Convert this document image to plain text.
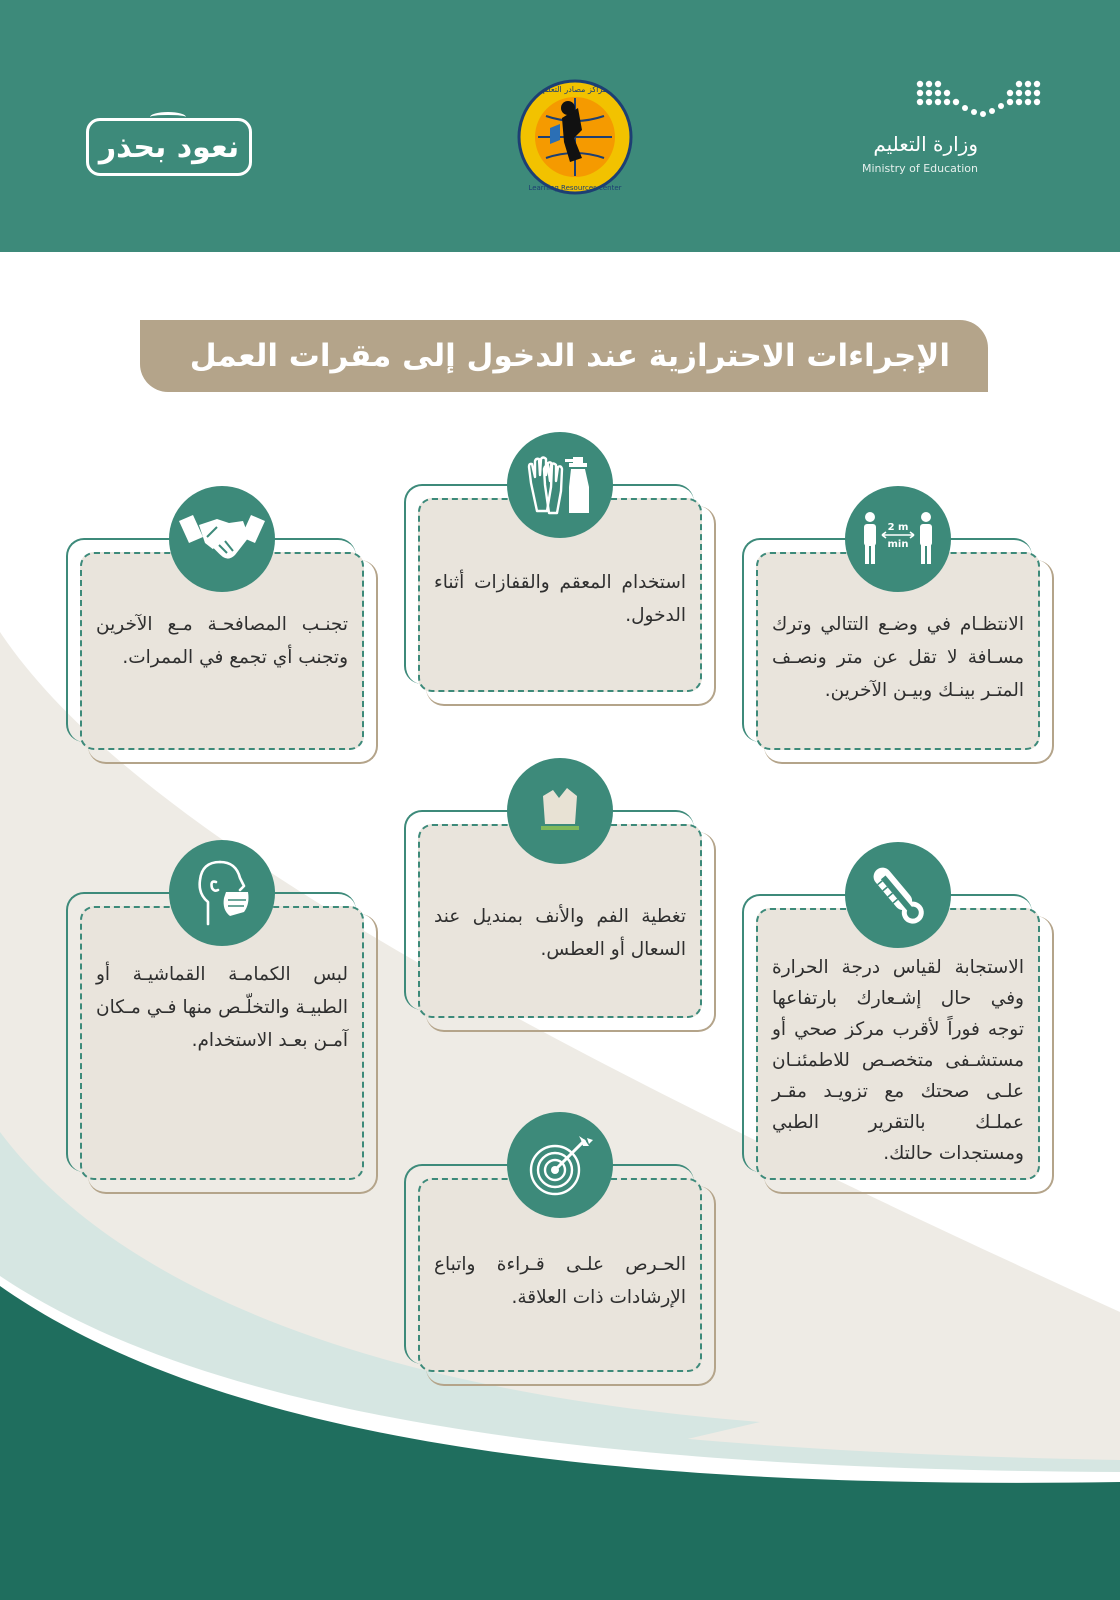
نعود بحذر
مراكز مصادر التعلم
Learning Resources center
وزارة التعليم
Ministry of Education
الإجراءات الاحترازية عند الدخول إلى مقرات العمل
2 m
min
الانتظـام في وضـع التتالي وترك مسـافة لا تقل عن متر ونصـف المتـر بينـك وبيـن الآخرين.
استخدام المعقم والقفازات أثناء الدخول.
تجنـب المصافحـة مـع الآخرين وتجنب أي تجمع في الممرات.
الاستجابة لقياس درجة الحرارة وفي حال إشـعارك بارتفاعها توجه فوراً لأقرب مركز صحي أو مستشـفى متخصـص للاطمئنـان علـى صحتك مع تزويـد مقـر عملـك بالتقرير الطبي ومستجدات حالتك.
تغطية الفم والأنف بمنديل عند السعال أو العطس.
لبس الكمامـة القماشيـة أو الطبيـة والتخلّـص منها فـي مـكان آمـن بعـد الاستخدام.
الحـرص علـى قـراءة واتباع الإرشادات ذات العلاقة.
